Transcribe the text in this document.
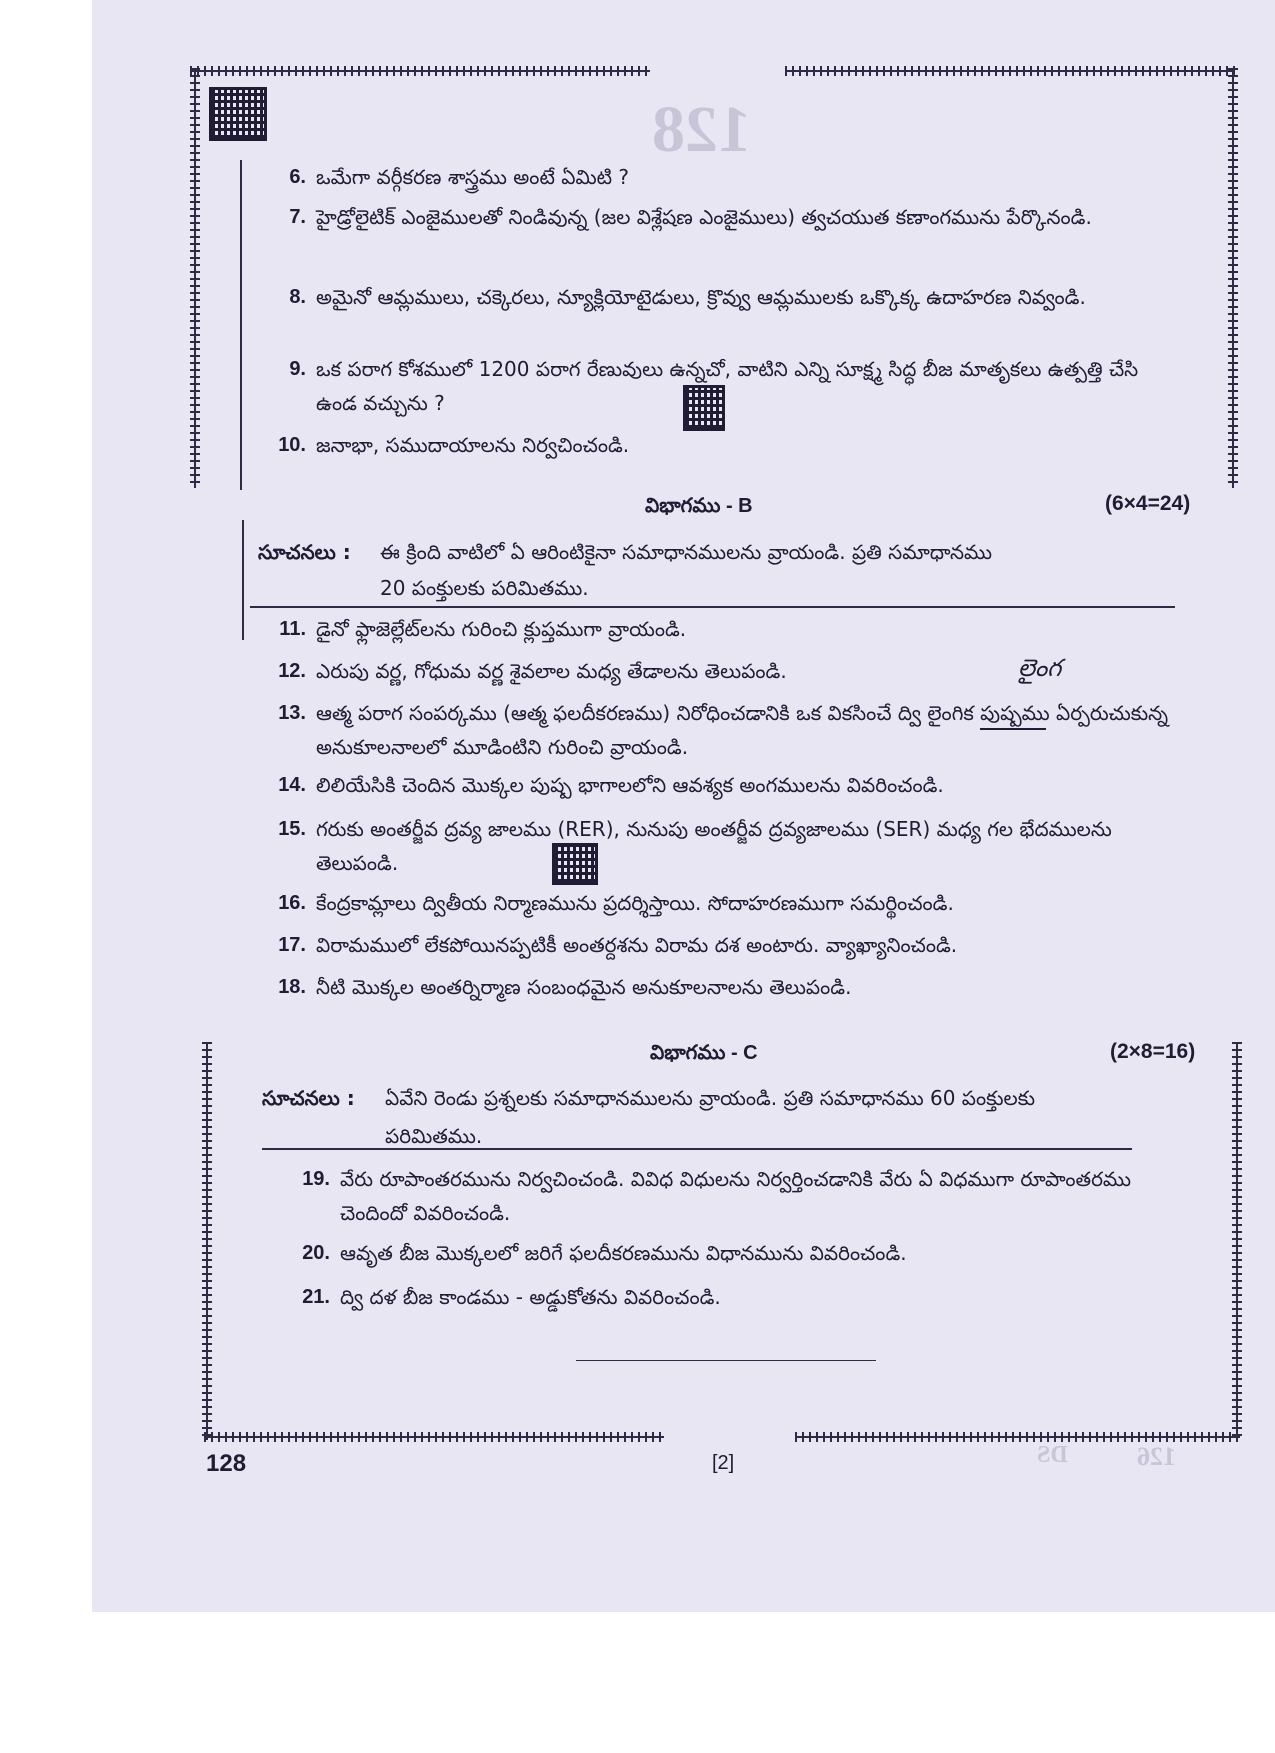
128
DS	126
6. ఒమేగా వర్గీకరణ శాస్త్రము అంటే ఏమిటి ?
7. హైడ్రోలైటిక్ ఎంజైములతో నిండివున్న (జల విశ్లేషణ ఎంజైములు) త్వచయుత కణాంగమును పేర్కొనండి.
8. అమైనో ఆమ్లములు, చక్కెరలు, న్యూక్లియోటైడులు, క్రొవ్వు ఆమ్లములకు ఒక్కొక్క ఉదాహరణ నివ్వండి.
9. ఒక పరాగ కోశములో 1200 పరాగ రేణువులు ఉన్నచో, వాటిని ఎన్ని సూక్ష్మ సిద్ధ బీజ మాతృకలు ఉత్పత్తి చేసి ఉండ వచ్చును ?
10. జనాభా, సముదాయాలను నిర్వచించండి.
విభాగము - B	(6×4=24)
సూచనలు : ఈ క్రింది వాటిలో ఏ ఆరింటికైనా సమాధానములను వ్రాయండి. ప్రతి సమాధానము
20 పంక్తులకు పరిమితము.
11. డైనో ఫ్లాజెల్లేట్‌లను గురించి క్లుప్తముగా వ్రాయండి.
12. ఎరుపు వర్ణ, గోధుమ వర్ణ శైవలాల మధ్య తేడాలను తెలుపండి.	లైంగ
13. ఆత్మ పరాగ సంపర్కము (ఆత్మ ఫలదీకరణము) నిరోధించడానికి ఒక వికసించే ద్వి లైంగిక పుష్పము ఏర్పరుచుకున్న అనుకూలనాలలో మూడింటిని గురించి వ్రాయండి.
14. లిలియేసికి చెందిన మొక్కల పుష్ప భాగాలలోని ఆవశ్యక అంగములను వివరించండి.
15. గరుకు అంతర్జీవ ద్రవ్య జాలము (RER), నునుపు అంతర్జీవ ద్రవ్యజాలము (SER) మధ్య గల భేదములను తెలుపండి.
16. కేంద్రకామ్లాలు ద్వితీయ నిర్మాణమును ప్రదర్శిస్తాయి. సోదాహరణముగా సమర్థించండి.
17. విరామములో లేకపోయినప్పటికీ అంతర్దశను విరామ దశ అంటారు. వ్యాఖ్యానించండి.
18. నీటి మొక్కల అంతర్నిర్మాణ సంబంధమైన అనుకూలనాలను తెలుపండి.
విభాగము - C	(2×8=16)
సూచనలు : ఏవేని రెండు ప్రశ్నలకు సమాధానములను వ్రాయండి. ప్రతి సమాధానము 60 పంక్తులకు
పరిమితము.
19. వేరు రూపాంతరమును నిర్వచించండి. వివిధ విధులను నిర్వర్తించడానికి వేరు ఏ విధముగా రూపాంతరము చెందిందో వివరించండి.
20. ఆవృత బీజ మొక్కలలో జరిగే ఫలదీకరణమును విధానమును వివరించండి.
21. ద్వి దళ బీజ కాండము - అడ్డుకోతను వివరించండి.
128	[2]
